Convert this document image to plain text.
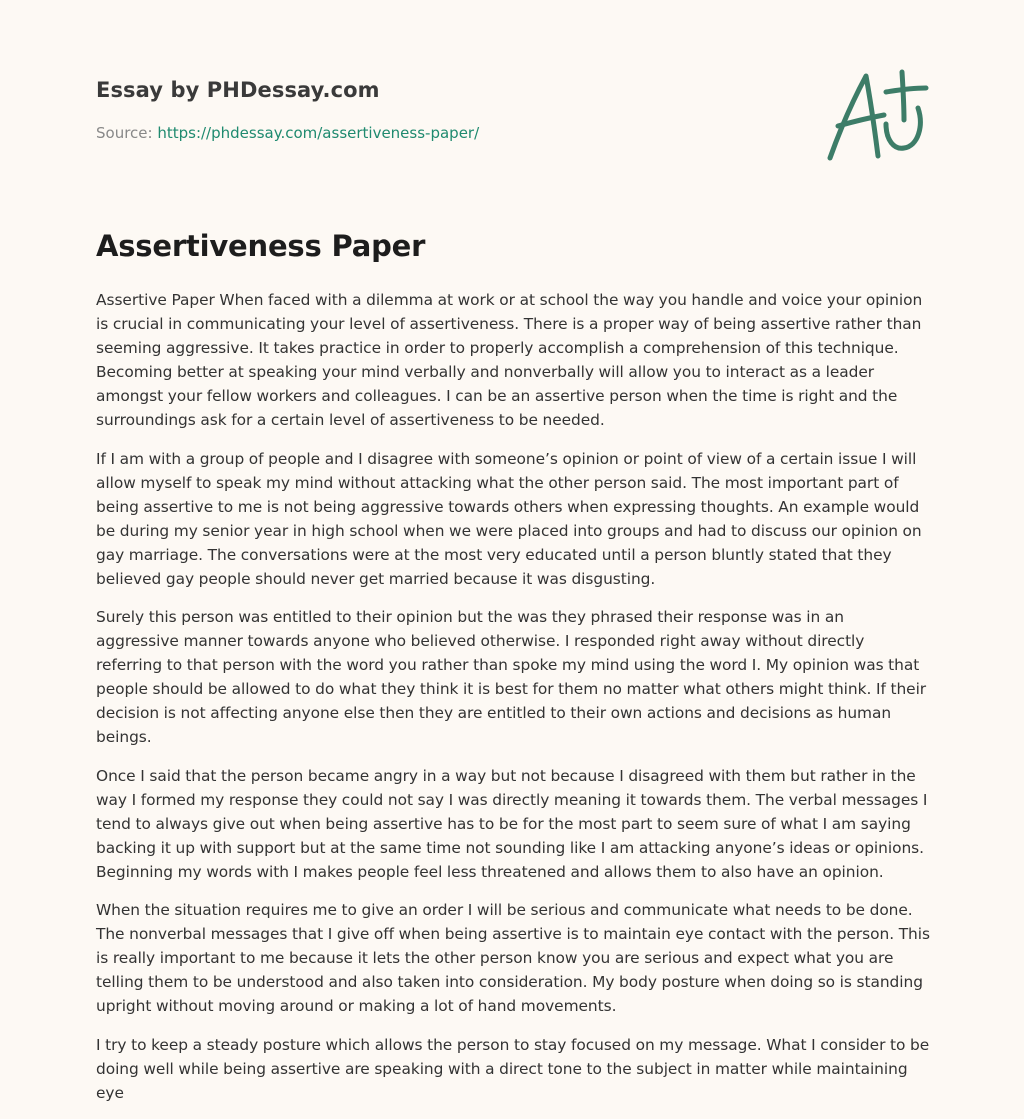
Essay by PHDessay.com
Source: https://phdessay.com/assertiveness-paper/
Assertiveness Paper

Assertive Paper When faced with a dilemma at work or at school the way you handle and voice your opinion is crucial in communicating your level of assertiveness. There is a proper way of being assertive rather than seeming aggressive. It takes practice in order to properly accomplish a comprehension of this technique. Becoming better at speaking your mind verbally and nonverbally will allow you to interact as a leader amongst your fellow workers and colleagues. I can be an assertive person when the time is right and the surroundings ask for a certain level of assertiveness to be needed.

If I am with a group of people and I disagree with someone’s opinion or point of view of a certain issue I will allow myself to speak my mind without attacking what the other person said. The most important part of being assertive to me is not being aggressive towards others when expressing thoughts. An example would be during my senior year in high school when we were placed into groups and had to discuss our opinion on gay marriage. The conversations were at the most very educated until a person bluntly stated that they believed gay people should never get married because it was disgusting.

Surely this person was entitled to their opinion but the was they phrased their response was in an aggressive manner towards anyone who believed otherwise. I responded right away without directly referring to that person with the word you rather than spoke my mind using the word I. My opinion was that people should be allowed to do what they think it is best for them no matter what others might think. If their decision is not affecting anyone else then they are entitled to their own actions and decisions as human beings.

Once I said that the person became angry in a way but not because I disagreed with them but rather in the way I formed my response they could not say I was directly meaning it towards them. The verbal messages I tend to always give out when being assertive has to be for the most part to seem sure of what I am saying backing it up with support but at the same time not sounding like I am attacking anyone’s ideas or opinions. Beginning my words with I makes people feel less threatened and allows them to also have an opinion.

When the situation requires me to give an order I will be serious and communicate what needs to be done. The nonverbal messages that I give off when being assertive is to maintain eye contact with the person. This is really important to me because it lets the other person know you are serious and expect what you are telling them to be understood and also taken into consideration. My body posture when doing so is standing upright without moving around or making a lot of hand movements.

I try to keep a steady posture which allows the person to stay focused on my message. What I consider to be doing well while being assertive are speaking with a direct tone to the subject in matter while maintaining eye
